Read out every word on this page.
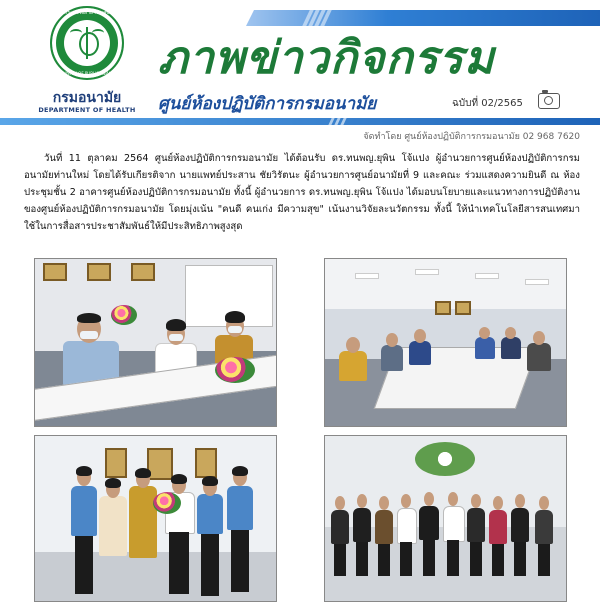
กระทรวงสาธารณสุข
MINISTRY OF PUBLIC HEALTH
กรมอนามัย
DEPARTMENT OF HEALTH
ภาพข่าวกิจกรรม
ศูนย์ห้องปฏิบัติการกรมอนามัย	ฉบับที่ 02/2565
จัดทำโดย ศูนย์ห้องปฏิบัติการกรมอนามัย 02 968 7620
วันที่ 11 ตุลาคม 2564 ศูนย์ห้องปฏิบัติการกรมอนามัย ได้ต้อนรับ ดร.ทนพญ.ยุพิน โจ้แปง ผู้อำนวยการศูนย์ห้องปฏิบัติการกรมอนามัยท่านใหม่ โดยได้รับเกียรติจาก นายแพทย์ประสาน ชัยวิรัตนะ ผู้อำนวยการศูนย์อนามัยที่ 9 และคณะ ร่วมแสดงความยินดี ณ ห้องประชุมชั้น 2 อาคารศูนย์ห้องปฏิบัติการกรมอนามัย ทั้งนี้ ผู้อำนวยการ ดร.ทนพญ.ยุพิน โจ้แปง ได้มอบนโยบายและแนวทางการปฏิบัติงานของศูนย์ห้องปฏิบัติการกรมอนามัย โดยมุ่งเน้น "คนดี คนเก่ง มีความสุข" เน้นงานวิจัยละนวัตกรรม ทั้งนี้ ให้นำเทคโนโลยีสารสนเทศมาใช้ในการสื่อสารประชาสัมพันธ์ให้มีประสิทธิภาพสูงสุด
